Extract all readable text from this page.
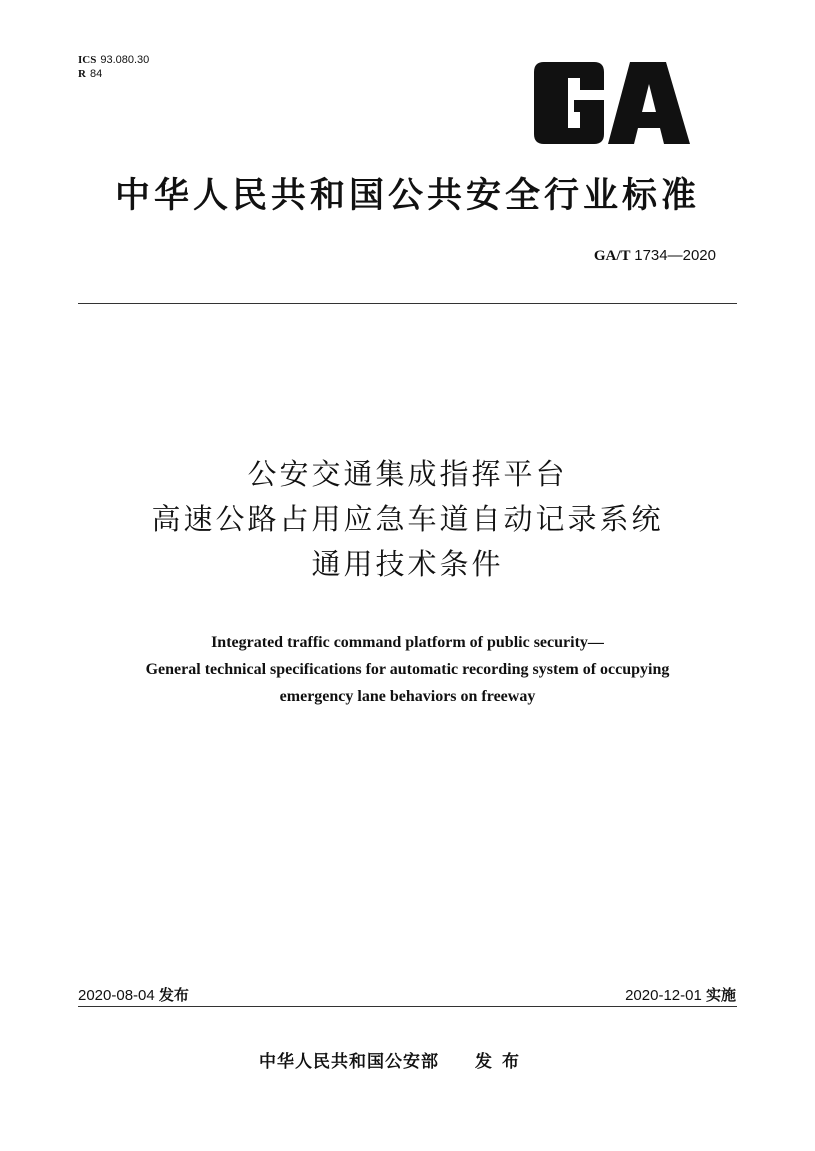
ICS 93.080.30
R 84
中华人民共和国公共安全行业标准
GA/T 1734—2020
公安交通集成指挥平台
高速公路占用应急车道自动记录系统
通用技术条件
Integrated traffic command platform of public security—
General technical specifications for automatic recording system of occupying
emergency lane behaviors on freeway
2020-08-04 发布	2020-12-01 实施
中华人民共和国公安部 发布
